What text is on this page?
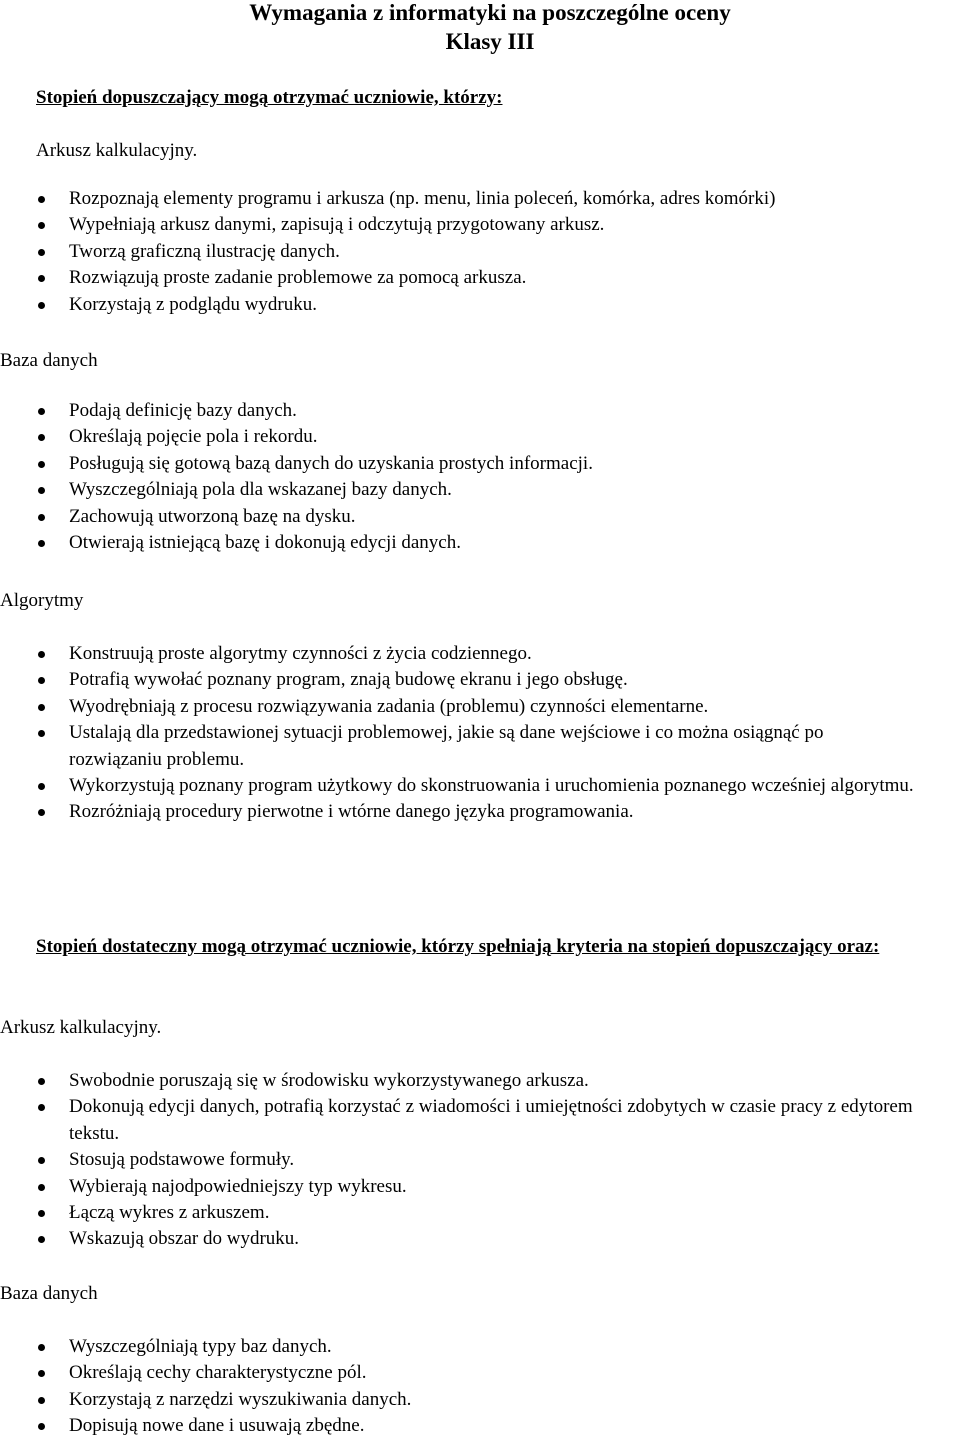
Wymagania z informatyki na poszczególne oceny
Klasy III
Stopień dopuszczający mogą otrzymać uczniowie, którzy:
Arkusz kalkulacyjny.
Rozpoznają elementy programu i arkusza (np. menu, linia poleceń, komórka, adres komórki)
Wypełniają arkusz danymi, zapisują i odczytują przygotowany arkusz.
Tworzą graficzną ilustrację danych.
Rozwiązują proste zadanie problemowe za pomocą arkusza.
Korzystają z podglądu wydruku.
Baza danych
Podają definicję bazy danych.
Określają pojęcie pola i rekordu.
Posługują się gotową bazą danych do uzyskania prostych informacji.
Wyszczególniają pola dla wskazanej bazy danych.
Zachowują utworzoną bazę na dysku.
Otwierają istniejącą bazę i dokonują edycji danych.
Algorytmy
Konstruują proste algorytmy czynności z życia codziennego.
Potrafią wywołać poznany program, znają budowę ekranu i jego obsługę.
Wyodrębniają z procesu rozwiązywania zadania (problemu) czynności elementarne.
Ustalają dla przedstawionej sytuacji problemowej, jakie są dane wejściowe i co można osiągnąć po rozwiązaniu problemu.
Wykorzystują poznany program użytkowy do skonstruowania i uruchomienia poznanego wcześniej algorytmu.
Rozróżniają procedury pierwotne i wtórne danego języka programowania.
Stopień dostateczny mogą otrzymać uczniowie, którzy spełniają kryteria na stopień dopuszczający oraz:
Arkusz kalkulacyjny.
Swobodnie poruszają się w środowisku wykorzystywanego arkusza.
Dokonują edycji danych, potrafią korzystać z wiadomości i umiejętności zdobytych w czasie pracy z edytorem tekstu.
Stosują podstawowe formuły.
Wybierają najodpowiedniejszy typ wykresu.
Łączą wykres z arkuszem.
Wskazują obszar do wydruku.
Baza danych
Wyszczególniają typy baz danych.
Określają cechy charakterystyczne pól.
Korzystają z narzędzi wyszukiwania danych.
Dopisują nowe dane i usuwają zbędne.
